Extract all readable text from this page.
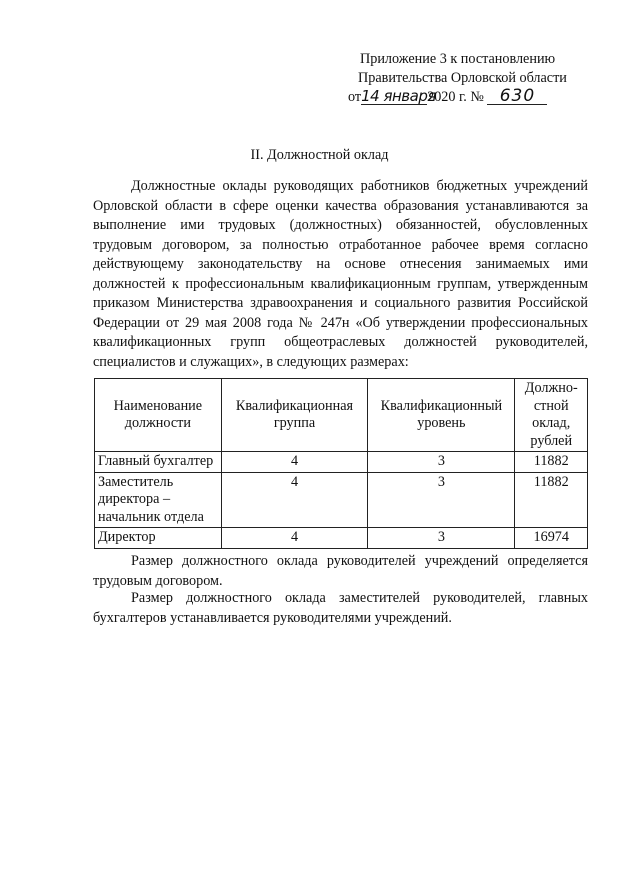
Приложение 3 к постановлению
Правительства Орловской области
от14 января2020 г. № 630
II. Должностной оклад

Должностные оклады руководящих работников бюджетных учреждений Орловской области в сфере оценки качества образования устанавливаются за выполнение ими трудовых (должностных) обязанностей, обусловленных трудовым договором, за полностью отработанное рабочее время согласно действующему законодательству на основе отнесения занимаемых ими должностей к профессиональным квалификационным группам, утвержденным приказом Министерства здравоохранения и социального развития Российской Федерации от 29 мая 2008 года № 247н «Об утверждении профессиональных квалификационных групп общеотраслевых должностей руководителей, специалистов и служащих», в следующих размерах:

Наименование должности	Квалификационная группа	Квалификационный уровень	Должно- стной оклад, рублей
Главный бухгалтер	4	3	11882
Заместитель директора – начальник отдела	4	3	11882
Директор	4	3	16974

Размер должностного оклада руководителей учреждений определяется трудовым договором.

Размер должностного оклада заместителей руководителей, главных бухгалтеров устанавливается руководителями учреждений.
